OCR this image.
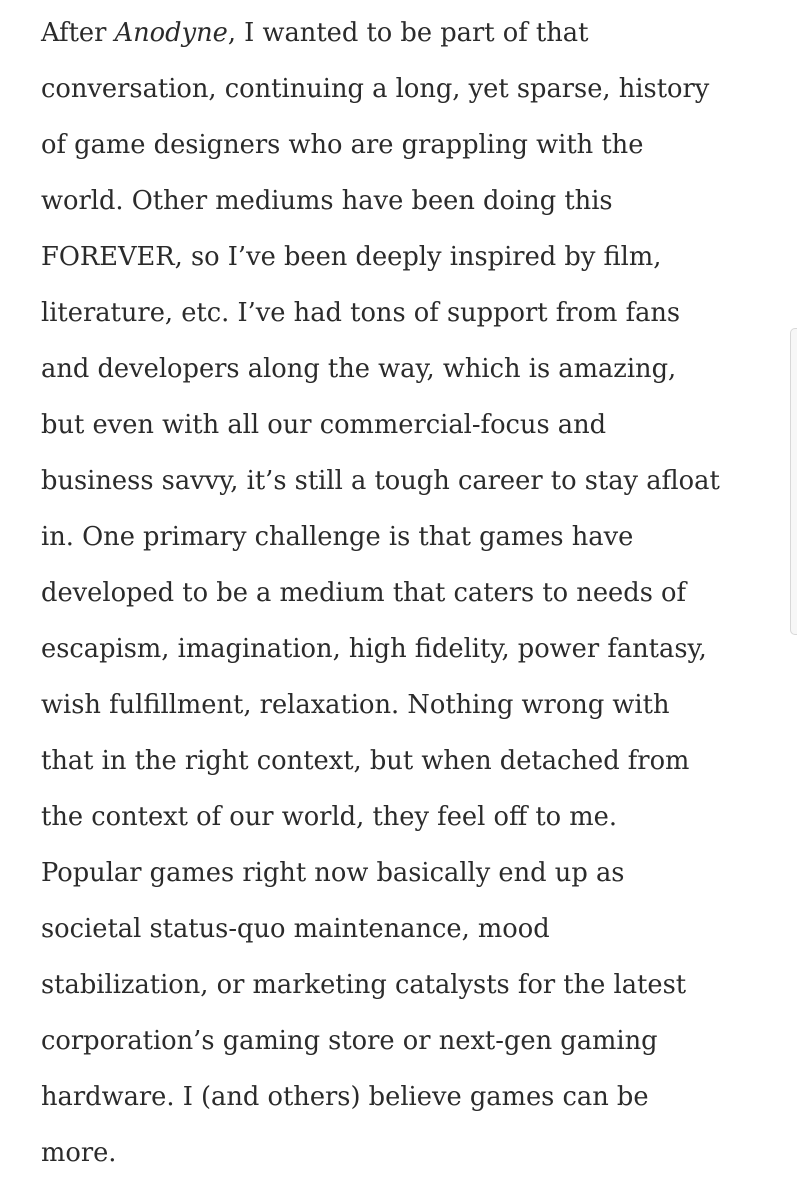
After Anodyne, I wanted to be part of that
conversation, continuing a long, yet sparse, history
of game designers who are grappling with the
world. Other mediums have been doing this
FOREVER, so I’ve been deeply inspired by film,
literature, etc. I’ve had tons of support from fans
and developers along the way, which is amazing,
but even with all our commercial-focus and
business savvy, it’s still a tough career to stay afloat
in. One primary challenge is that games have
developed to be a medium that caters to needs of
escapism, imagination, high fidelity, power fantasy,
wish fulfillment, relaxation. Nothing wrong with
that in the right context, but when detached from
the context of our world, they feel off to me.
Popular games right now basically end up as
societal status-quo maintenance, mood
stabilization, or marketing catalysts for the latest
corporation’s gaming store or next-gen gaming
hardware. I (and others) believe games can be
more.
